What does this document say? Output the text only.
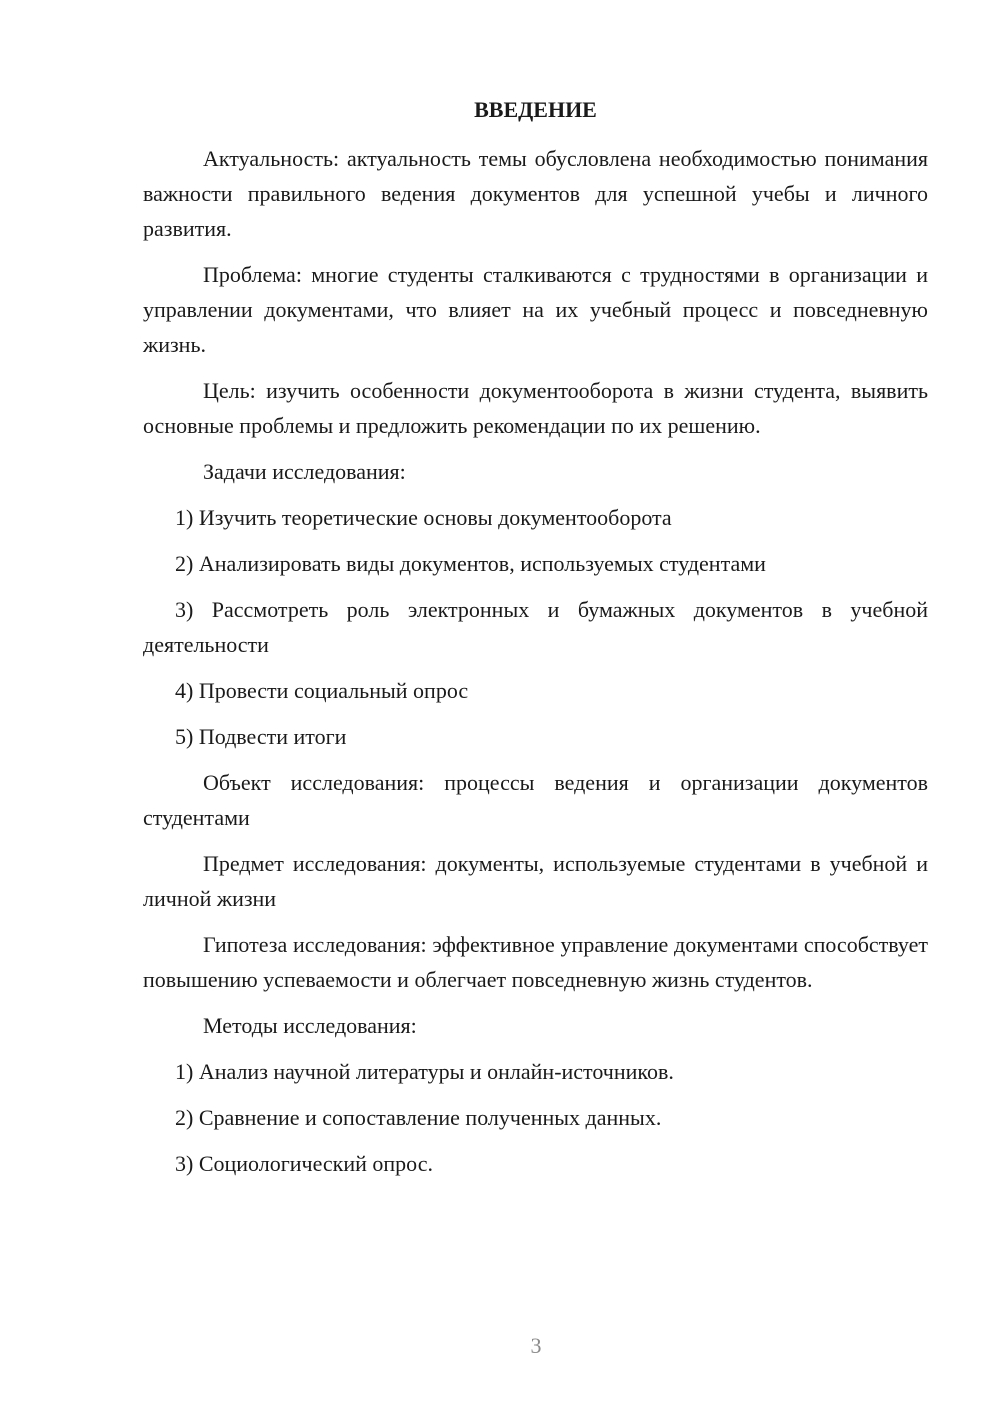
ВВЕДЕНИЕ

Актуальность: актуальность темы обусловлена необходимостью понимания важности правильного ведения документов для успешной учебы и личного развития.

Проблема: многие студенты сталкиваются с трудностями в организации и управлении документами, что влияет на их учебный процесс и повседневную жизнь.

Цель: изучить особенности документооборота в жизни студента, выявить основные проблемы и предложить рекомендации по их решению.

Задачи исследования:

1) Изучить теоретические основы документооборота

2) Анализировать виды документов, используемых студентами

3) Рассмотреть роль электронных и бумажных документов в учебной деятельности

4) Провести социальный опрос

5) Подвести итоги

Объект исследования: процессы ведения и организации документов студентами

Предмет исследования: документы, используемые студентами в учебной и личной жизни

Гипотеза исследования: эффективное управление документами способствует повышению успеваемости и облегчает повседневную жизнь студентов.

Методы исследования:

1) Анализ научной литературы и онлайн-источников.

2) Сравнение и сопоставление полученных данных.

3) Социологический опрос.

3
